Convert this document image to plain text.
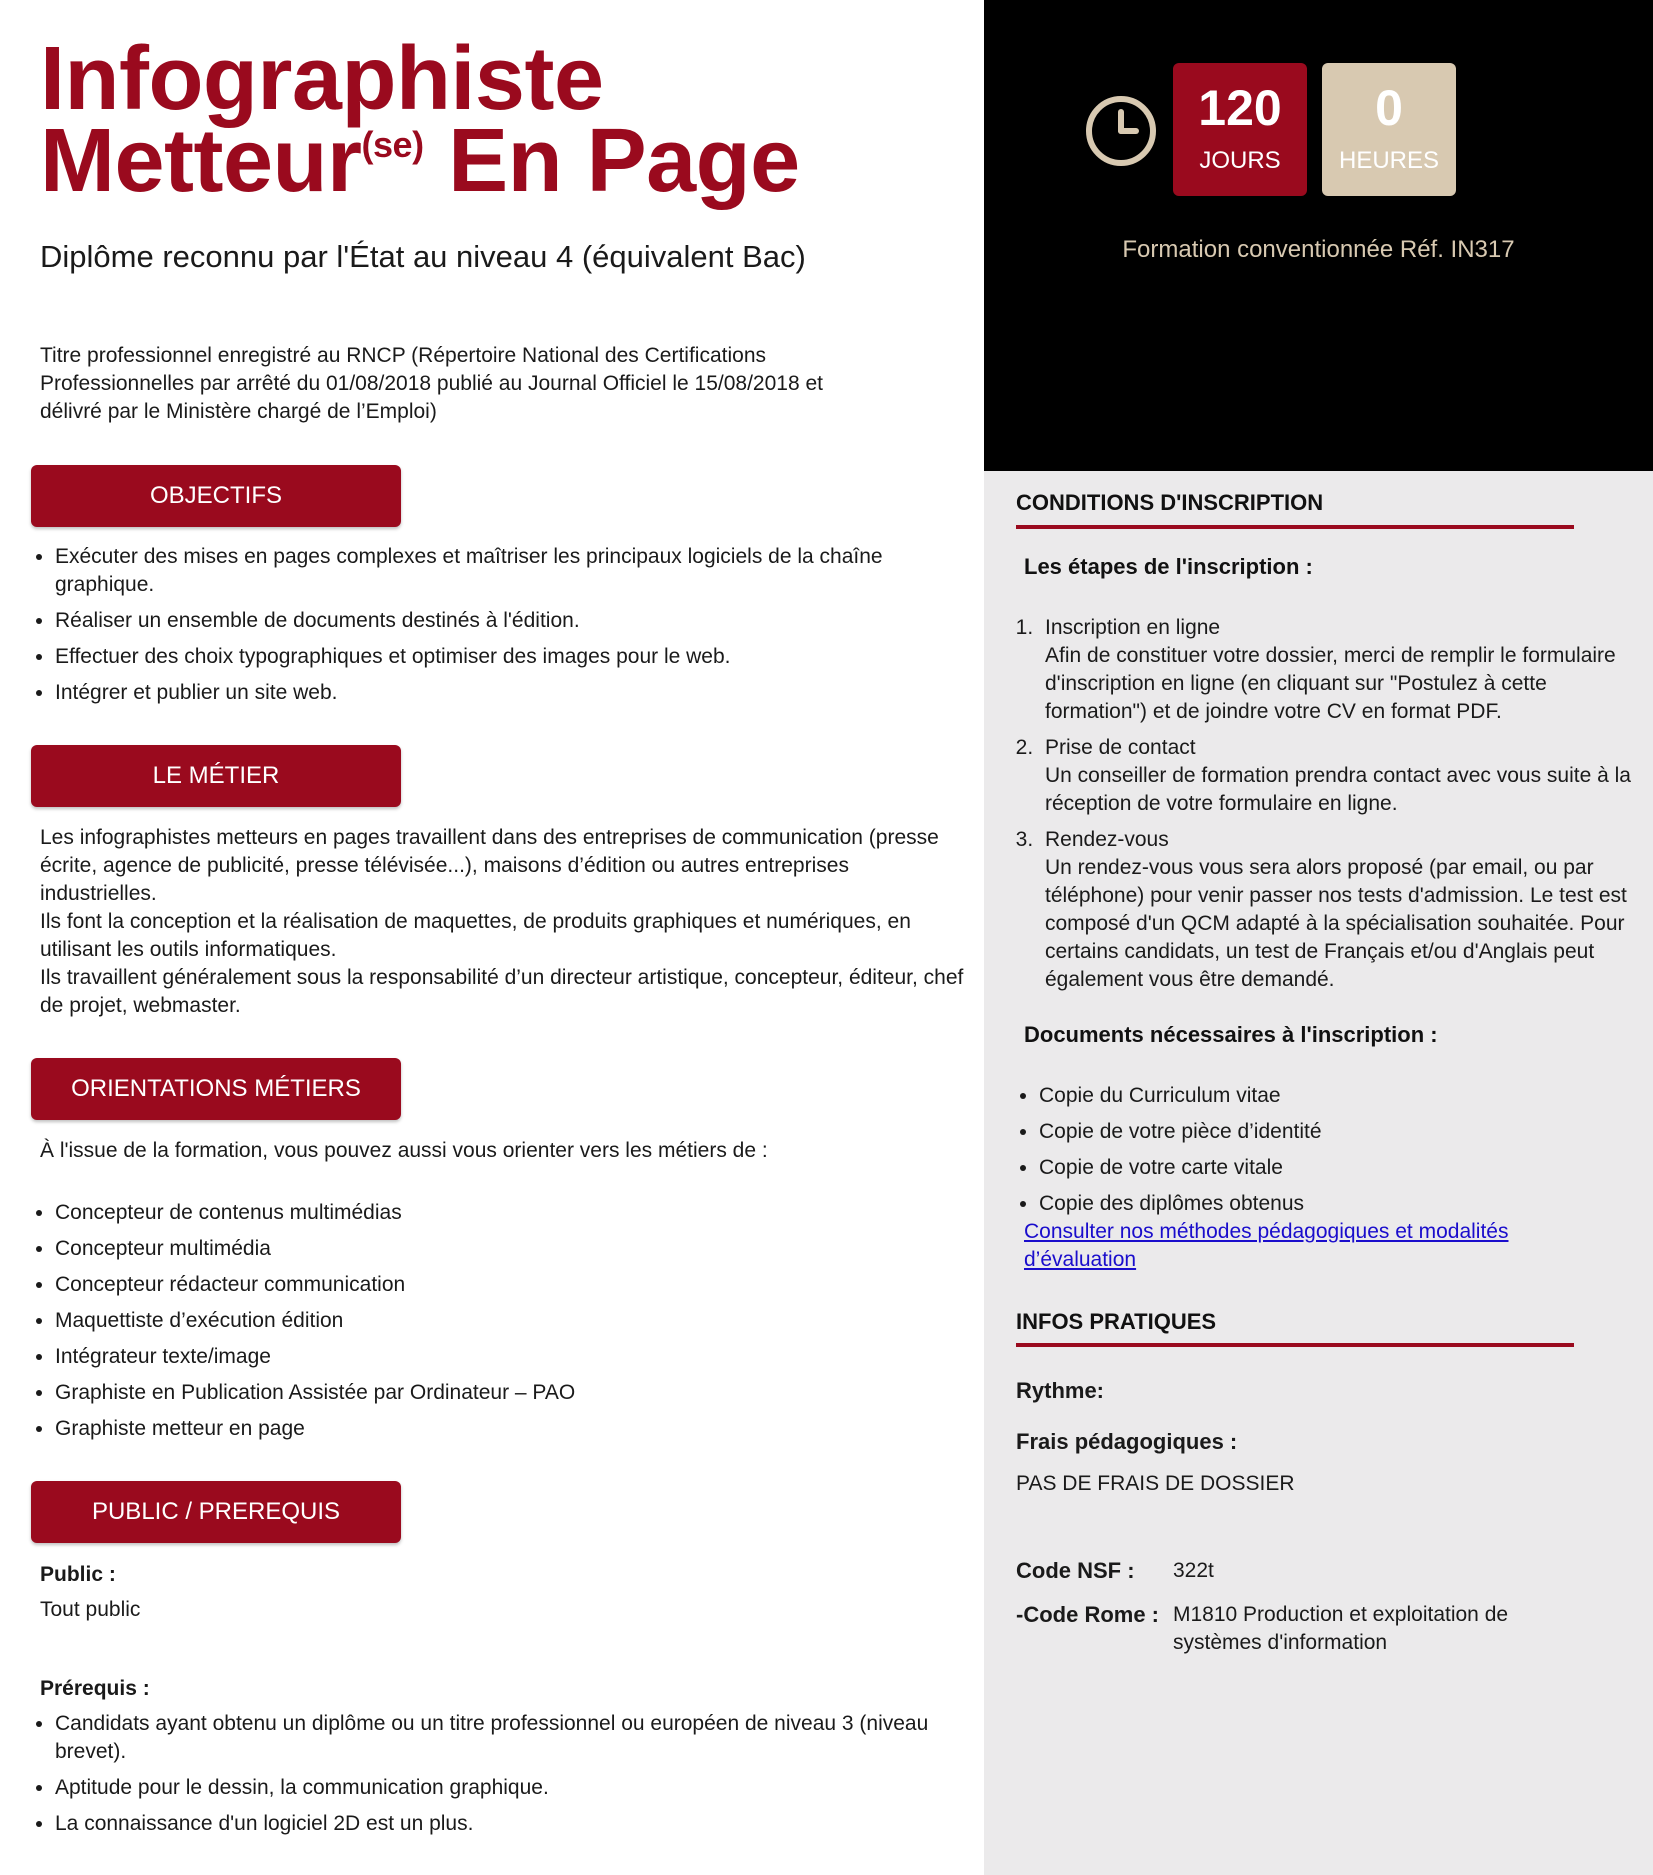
Infographiste
Metteur$^{(se)}$ En Page
Diplôme reconnu par l'État au niveau 4 (équivalent Bac)
Titre professionnel enregistré au RNCP (Répertoire National des Certifications Professionnelles par arrêté du 01/08/2018 publié au Journal Officiel le 15/08/2018 et délivré par le Ministère chargé de l’Emploi)
OBJECTIFS
• Exécuter des mises en pages complexes et maîtriser les principaux logiciels de la chaîne graphique.
• Réaliser un ensemble de documents destinés à l'édition.
• Effectuer des choix typographiques et optimiser des images pour le web.
• Intégrer et publier un site web.
LE MÉTIER
Les infographistes metteurs en pages travaillent dans des entreprises de communication (presse écrite, agence de publicité, presse télévisée...), maisons d’édition ou autres entreprises industrielles.
Ils font la conception et la réalisation de maquettes, de produits graphiques et numériques, en utilisant les outils informatiques.
Ils travaillent généralement sous la responsabilité d’un directeur artistique, concepteur, éditeur, chef de projet, webmaster.
ORIENTATIONS MÉTIERS
À l'issue de la formation, vous pouvez aussi vous orienter vers les métiers de :
• Concepteur de contenus multimédias
• Concepteur multimédia
• Concepteur rédacteur communication
• Maquettiste d’exécution édition
• Intégrateur texte/image
• Graphiste en Publication Assistée par Ordinateur – PAO
• Graphiste metteur en page
PUBLIC / PREREQUIS
Public :
Tout public
Prérequis :
• Candidats ayant obtenu un diplôme ou un titre professionnel ou européen de niveau 3 (niveau brevet).
• Aptitude pour le dessin, la communication graphique.
• La connaissance d'un logiciel 2D est un plus.
120
JOURS
0
HEURES
Formation conventionnée Réf. IN317
CONDITIONS D'INSCRIPTION
Les étapes de l'inscription :
1. Inscription en ligne
Afin de constituer votre dossier, merci de remplir le formulaire d'inscription en ligne (en cliquant sur "Postulez à cette formation") et de joindre votre CV en format PDF.
2. Prise de contact
Un conseiller de formation prendra contact avec vous suite à la réception de votre formulaire en ligne.
3. Rendez-vous
Un rendez-vous vous sera alors proposé (par email, ou par téléphone) pour venir passer nos tests d'admission. Le test est composé d'un QCM adapté à la spécialisation souhaitée. Pour certains candidats, un test de Français et/ou d'Anglais peut également vous être demandé.
Documents nécessaires à l'inscription :
• Copie du Curriculum vitae
• Copie de votre pièce d’identité
• Copie de votre carte vitale
• Copie des diplômes obtenus
Consulter nos méthodes pédagogiques et modalités d’évaluation
INFOS PRATIQUES
Rythme:
Frais pédagogiques :
PAS DE FRAIS DE DOSSIER
Code NSF : 322t
-Code Rome : M1810 Production et exploitation de systèmes d'information
